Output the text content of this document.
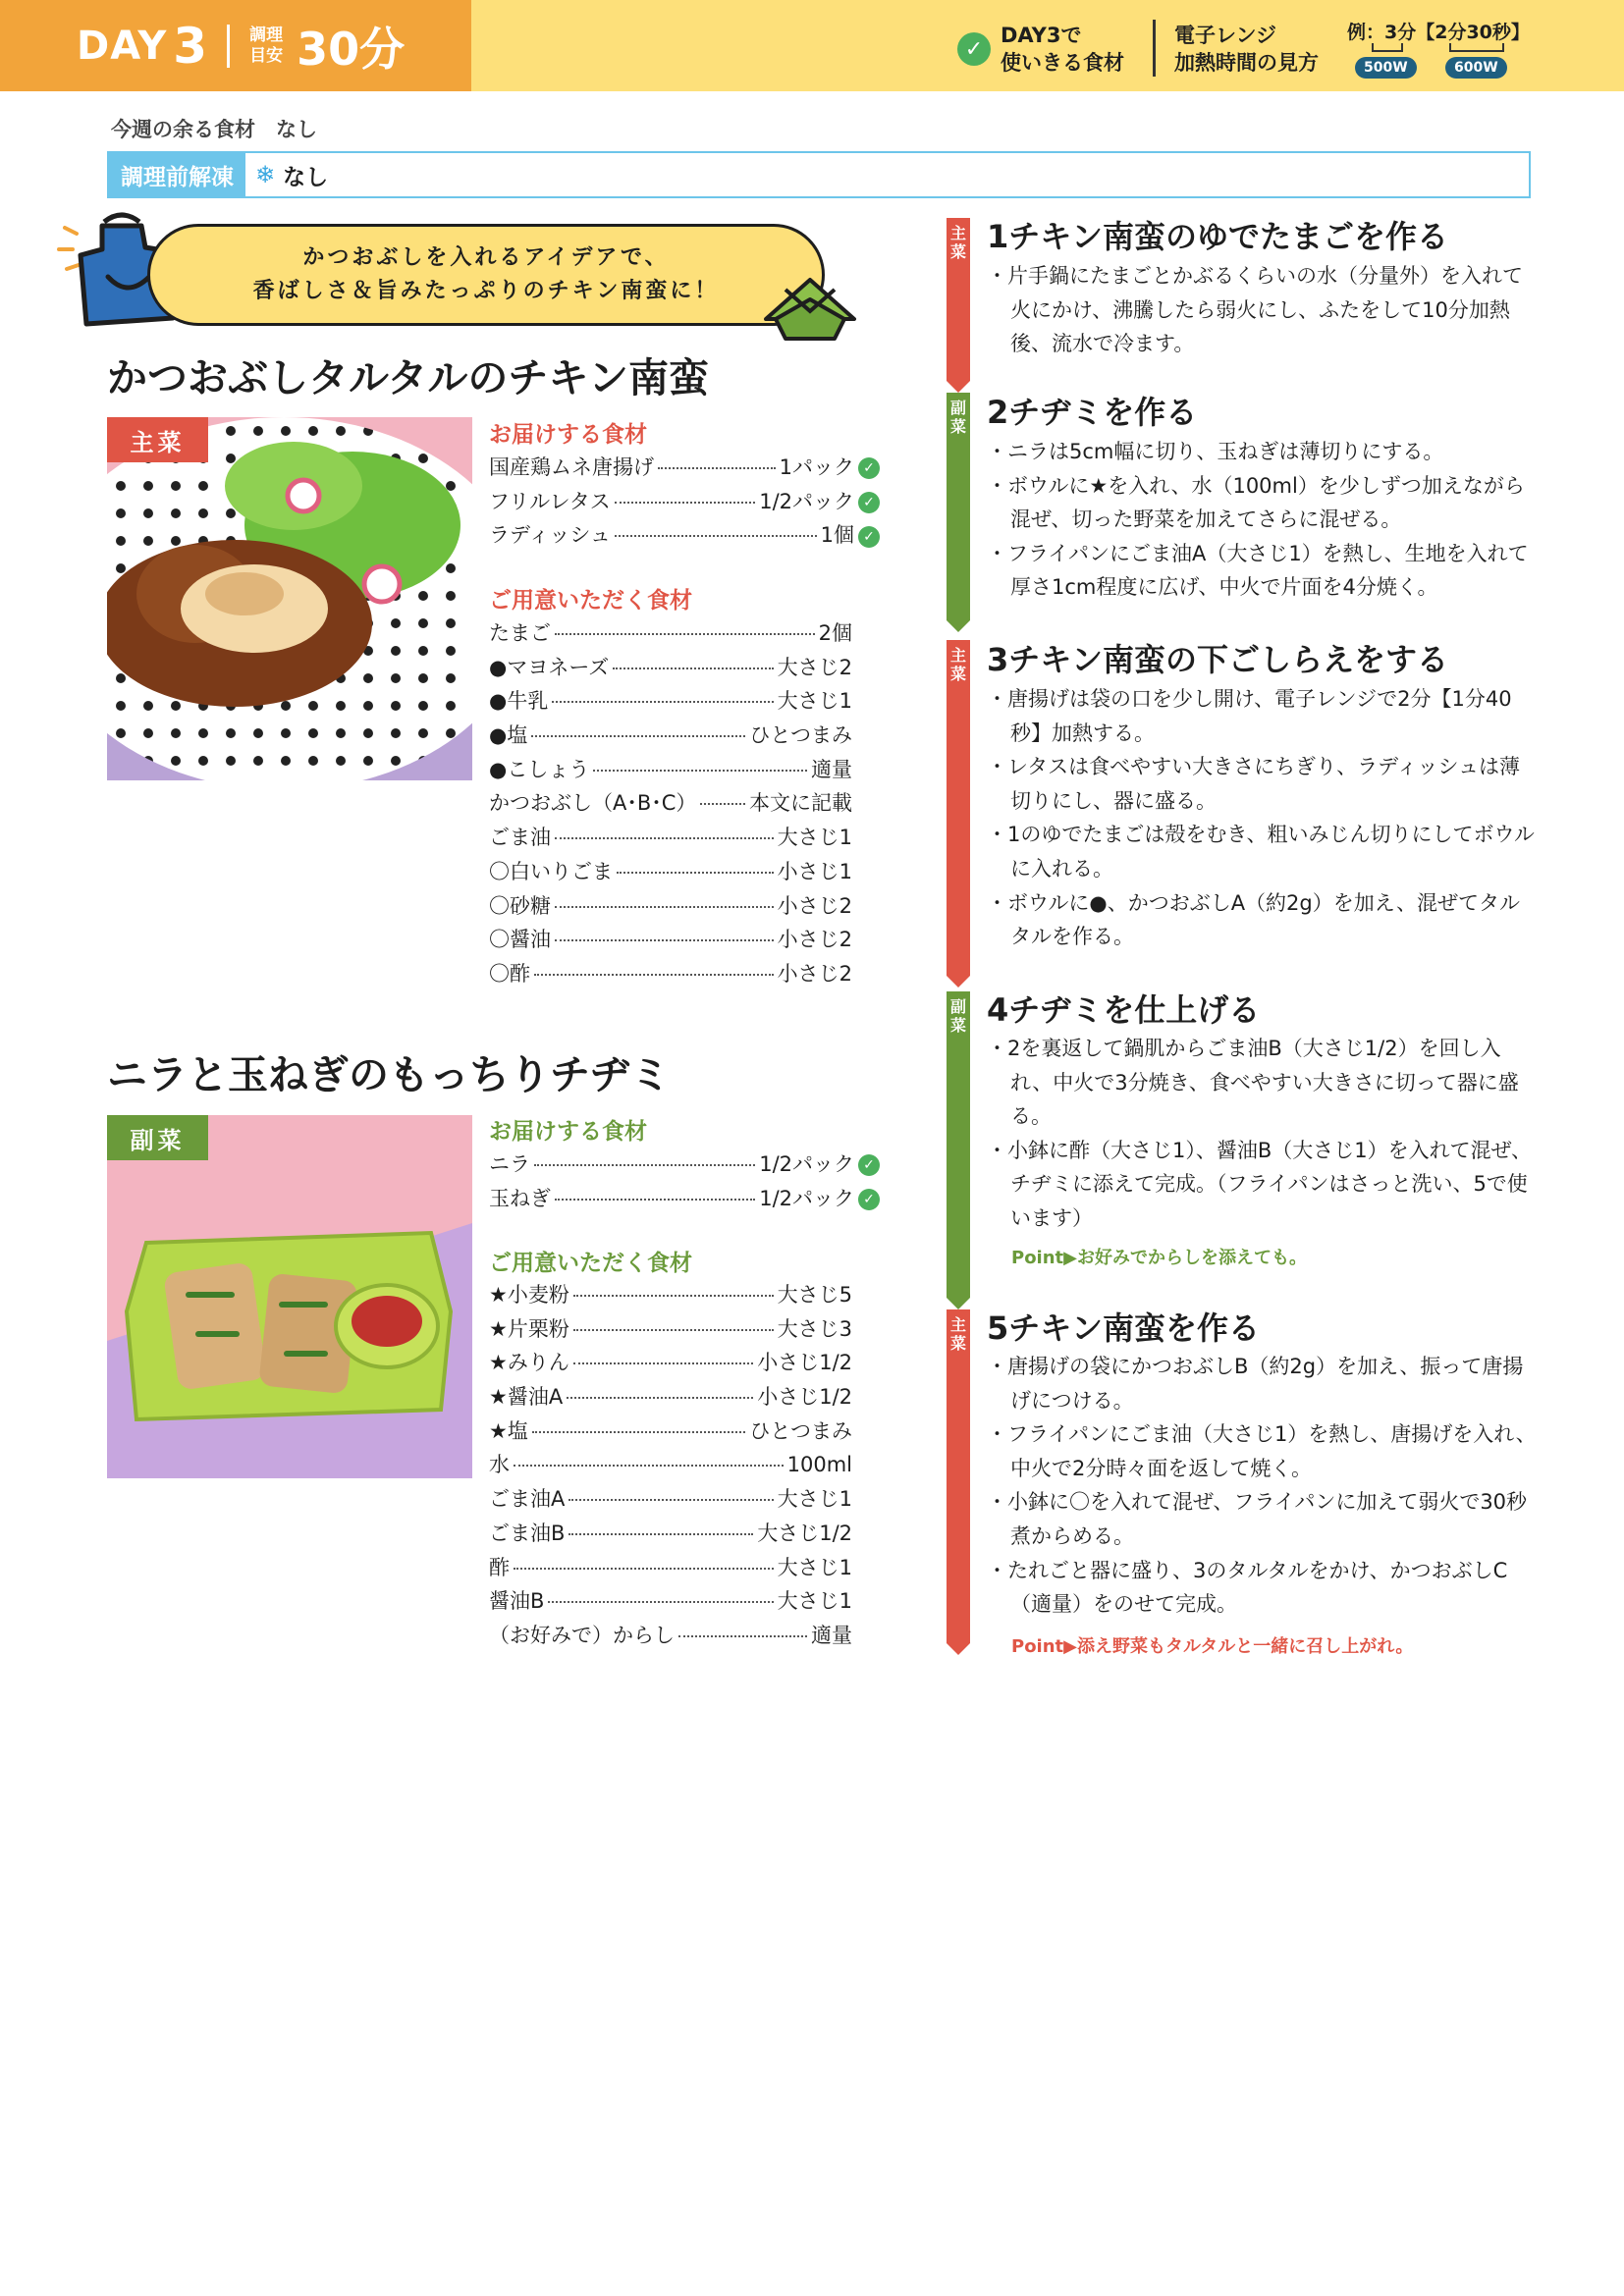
DAY 3	調理
目安 30分	✓
DAY3で
使いきる食材
電子レンジ
加熱時間の見方
例：3分【2分30秒】
500W	600W
今週の余る食材　なし
調理前解凍 ❄ なし
かつおぶしを入れるアイデアで、
香ばしさ＆旨みたっぷりのチキン南蛮に！
かつおぶしタルタルのチキン南蛮
主菜	お届けする食材
国産鶏ムネ唐揚げ	1パック ✓
フリルレタス	1/2パック ✓
ラディッシュ	1個 ✓
ご用意いただく食材
たまご	2個
●マヨネーズ	大さじ2
●牛乳	大さじ1
●塩	ひとつまみ
●こしょう	適量
かつおぶし（A･B･C）	本文に記載
ごま油	大さじ1
〇白いりごま	小さじ1
〇砂糖	小さじ2
〇醤油	小さじ2
〇酢	小さじ2
ニラと玉ねぎのもっちりチヂミ
副菜	お届けする食材
ニラ	1/2パック ✓
玉ねぎ	1/2パック ✓
ご用意いただく食材
★小麦粉	大さじ5
★片栗粉	大さじ3
★みりん	小さじ1/2
★醤油A	小さじ1/2
★塩	ひとつまみ
水	100ml
ごま油A	大さじ1
ごま油B	大さじ1/2
酢	大さじ1
醤油B	大さじ1
（お好みで）からし	適量
主菜 1チキン南蛮のゆでたまごを作る
・片手鍋にたまごとかぶるくらいの水（分量外）を入れて火にかけ、沸騰したら弱火にし、ふたをして10分加熱後、流水で冷ます。
副菜 2チヂミを作る
・ニラは5cm幅に切り、玉ねぎは薄切りにする。
・ボウルに★を入れ、水（100ml）を少しずつ加えながら混ぜ、切った野菜を加えてさらに混ぜる。
・フライパンにごま油A（大さじ1）を熱し、生地を入れて厚さ1cm程度に広げ、中火で片面を4分焼く。
主菜 3チキン南蛮の下ごしらえをする
・唐揚げは袋の口を少し開け、電子レンジで2分【1分40秒】加熱する。
・レタスは食べやすい大きさにちぎり、ラディッシュは薄切りにし、器に盛る。
・1のゆでたまごは殻をむき、粗いみじん切りにしてボウルに入れる。
・ボウルに●、かつおぶしA（約2g）を加え、混ぜてタルタルを作る。
副菜 4チヂミを仕上げる
・2を裏返して鍋肌からごま油B（大さじ1/2）を回し入れ、中火で3分焼き、食べやすい大きさに切って器に盛る。
・小鉢に酢（大さじ1）、醤油B（大さじ1）を入れて混ぜ、チヂミに添えて完成。（フライパンはさっと洗い、5で使います）
Point▶お好みでからしを添えても。
主菜 5チキン南蛮を作る
・唐揚げの袋にかつおぶしB（約2g）を加え、振って唐揚げにつける。
・フライパンにごま油（大さじ1）を熱し、唐揚げを入れ、中火で2分時々面を返して焼く。
・小鉢に〇を入れて混ぜ、フライパンに加えて弱火で30秒煮からめる。
・たれごと器に盛り、3のタルタルをかけ、かつおぶしC（適量）をのせて完成。
Point▶添え野菜もタルタルと一緒に召し上がれ。
